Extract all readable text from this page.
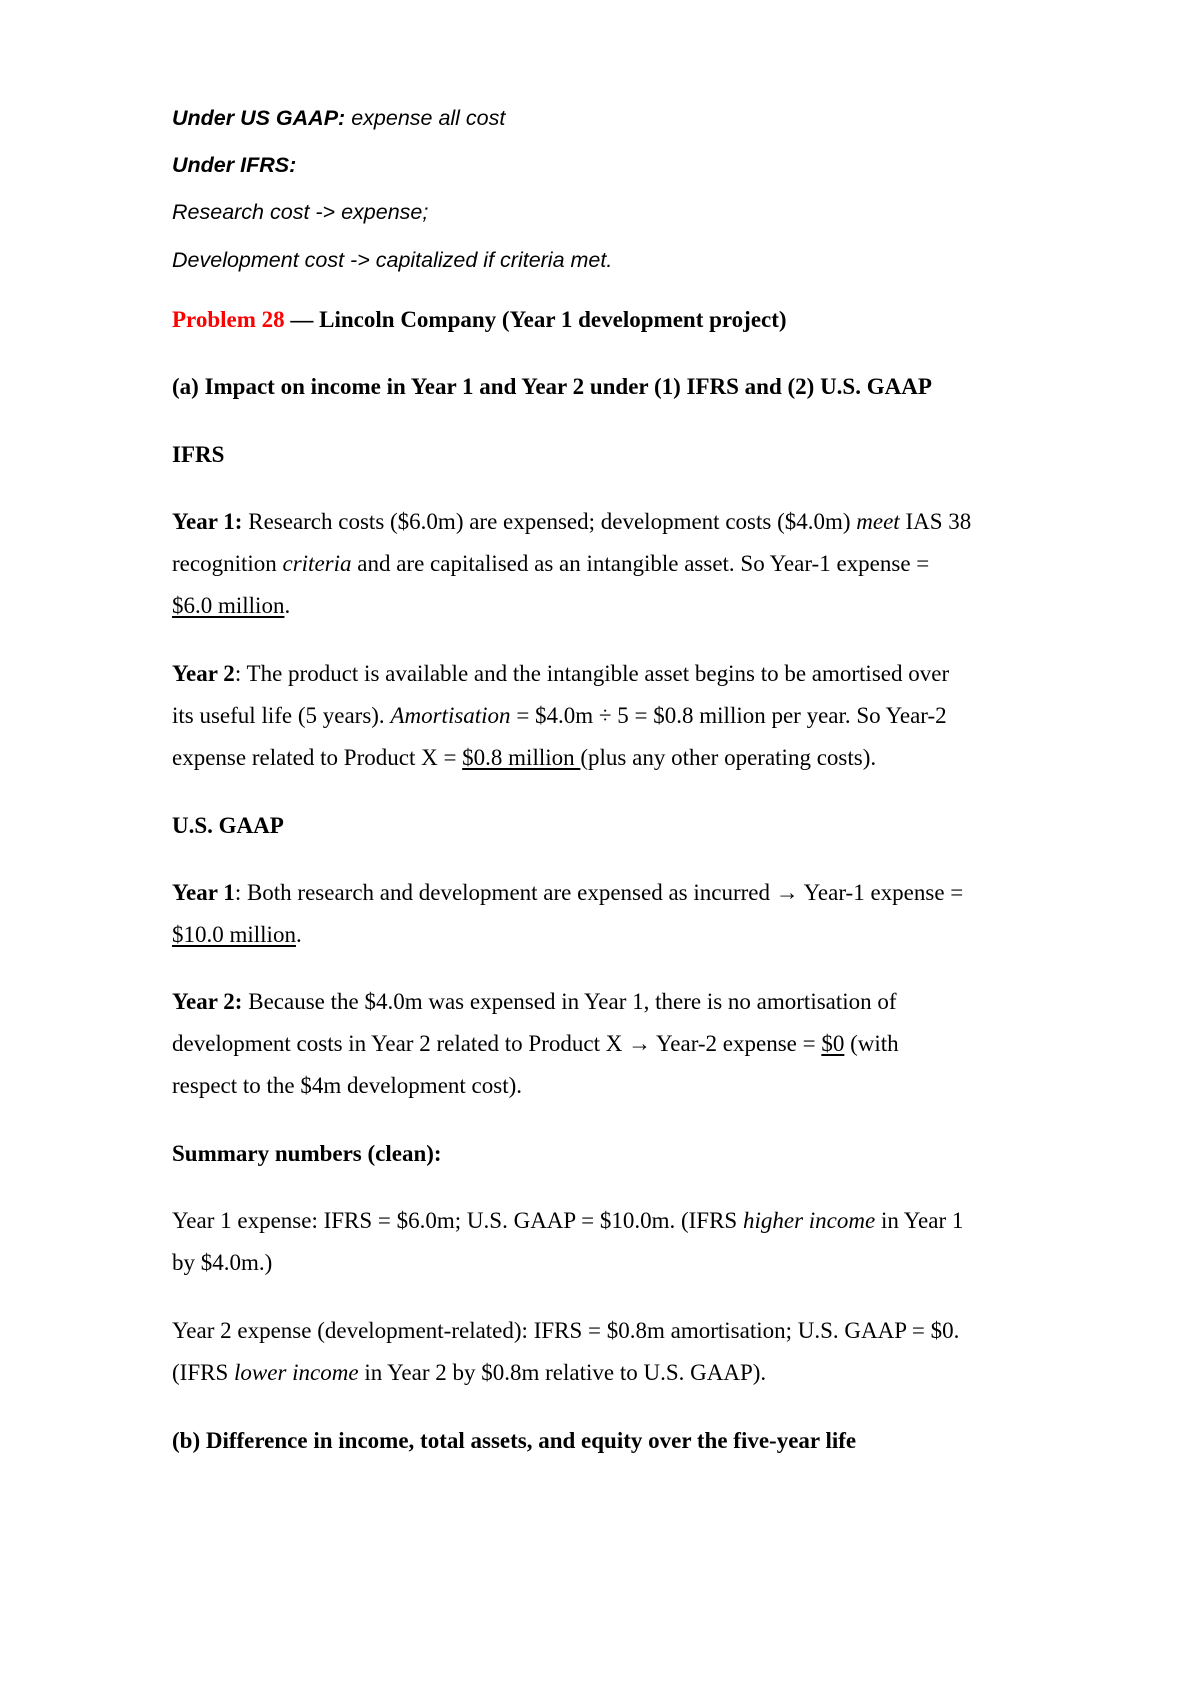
Under US GAAP: expense all cost
Under IFRS:
Research cost -> expense;
Development cost -> capitalized if criteria met.
Problem 28 — Lincoln Company (Year 1 development project)
(a) Impact on income in Year 1 and Year 2 under (1) IFRS and (2) U.S. GAAP
IFRS
Year 1: Research costs ($6.0m) are expensed; development costs ($4.0m) meet IAS 38
recognition criteria and are capitalised as an intangible asset. So Year-1 expense =
$6.0 million.
Year 2: The product is available and the intangible asset begins to be amortised over
its useful life (5 years). Amortisation = $4.0m ÷ 5 = $0.8 million per year. So Year-2
expense related to Product X = $0.8 million (plus any other operating costs).
U.S. GAAP
Year 1: Both research and development are expensed as incurred → Year-1 expense =
$10.0 million.
Year 2: Because the $4.0m was expensed in Year 1, there is no amortisation of
development costs in Year 2 related to Product X → Year-2 expense = $0 (with
respect to the $4m development cost).
Summary numbers (clean):
Year 1 expense: IFRS = $6.0m; U.S. GAAP = $10.0m. (IFRS higher income in Year 1
by $4.0m.)
Year 2 expense (development-related): IFRS = $0.8m amortisation; U.S. GAAP = $0.
(IFRS lower income in Year 2 by $0.8m relative to U.S. GAAP).
(b) Difference in income, total assets, and equity over the five-year life
